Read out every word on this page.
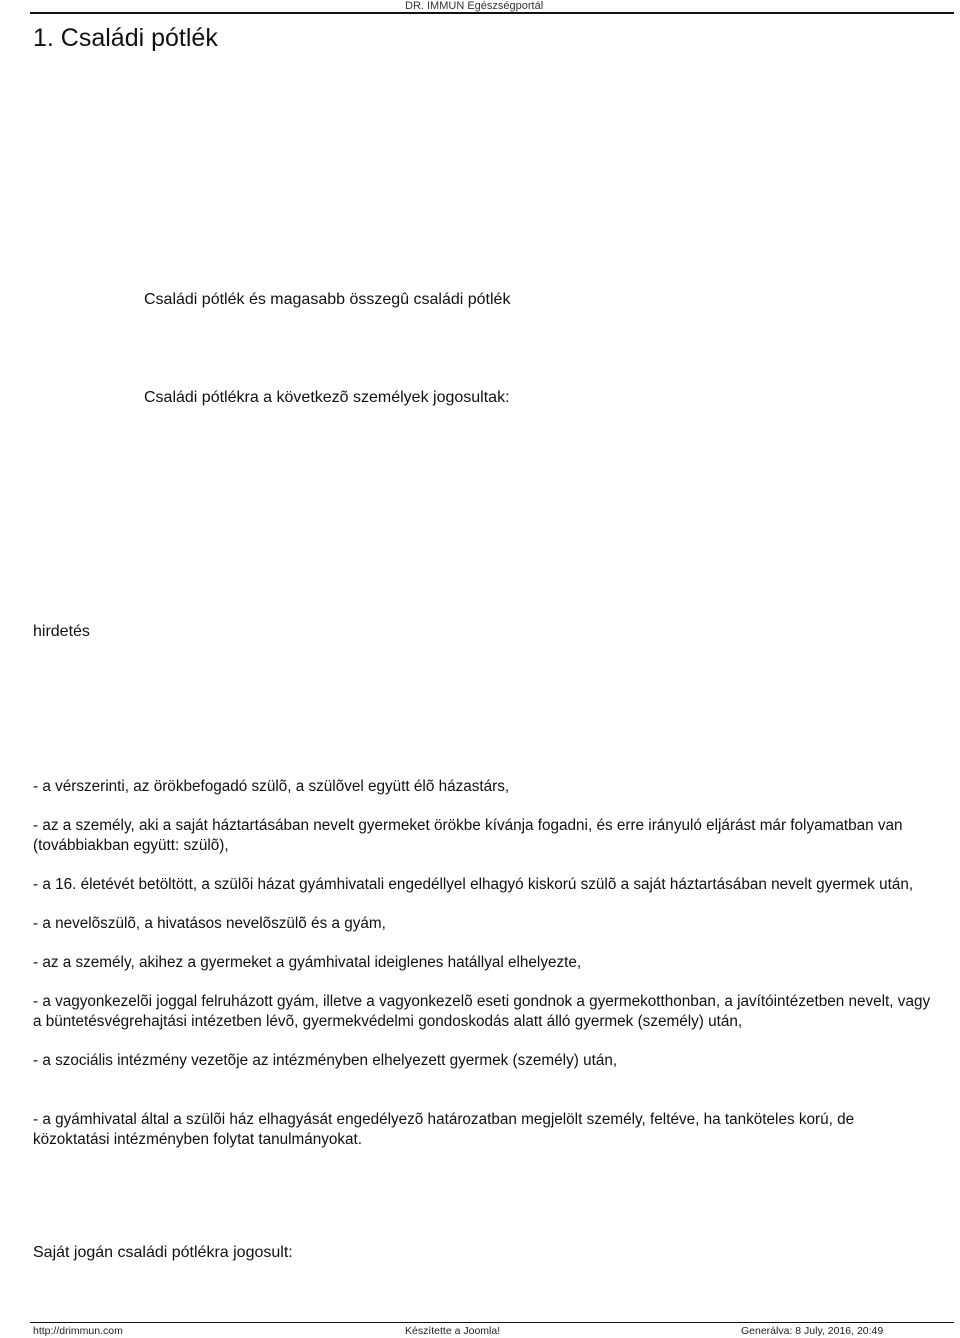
DR. IMMUN Egészségportál
1. Családi pótlék
Családi pótlék és magasabb összegû családi pótlék
Családi pótlékra a következõ személyek jogosultak:
hirdetés
- a vérszerinti, az örökbefogadó szülõ, a szülõvel együtt élõ házastárs,
- az a személy, aki a saját háztartásában nevelt gyermeket örökbe kívánja fogadni, és erre irányuló eljárást már folyamatban van (továbbiakban együtt: szülõ),
- a 16. életévét betöltött, a szülõi házat gyámhivatali engedéllyel elhagyó kiskorú szülõ a saját háztartásában nevelt gyermek után,
- a nevelõszülõ, a hivatásos nevelõszülõ és a gyám,
- az a személy, akihez a gyermeket a gyámhivatal ideiglenes hatállyal elhelyezte,
- a vagyonkezelõi joggal felruházott gyám, illetve a vagyonkezelõ eseti gondnok a gyermekotthonban, a javítóintézetben nevelt, vagy a büntetésvégrehajtási intézetben lévõ, gyermekvédelmi gondoskodás alatt álló gyermek (személy) után,
- a szociális intézmény vezetõje az intézményben elhelyezett gyermek (személy) után,
- a gyámhivatal által a szülõi ház elhagyását engedélyezõ határozatban megjelölt személy, feltéve, ha tanköteles korú, de közoktatási intézményben folytat tanulmányokat.
Saját jogán családi pótlékra jogosult:
http://drimmun.com	Készítette a Joomla!	Generálva: 8 July, 2016, 20:49
